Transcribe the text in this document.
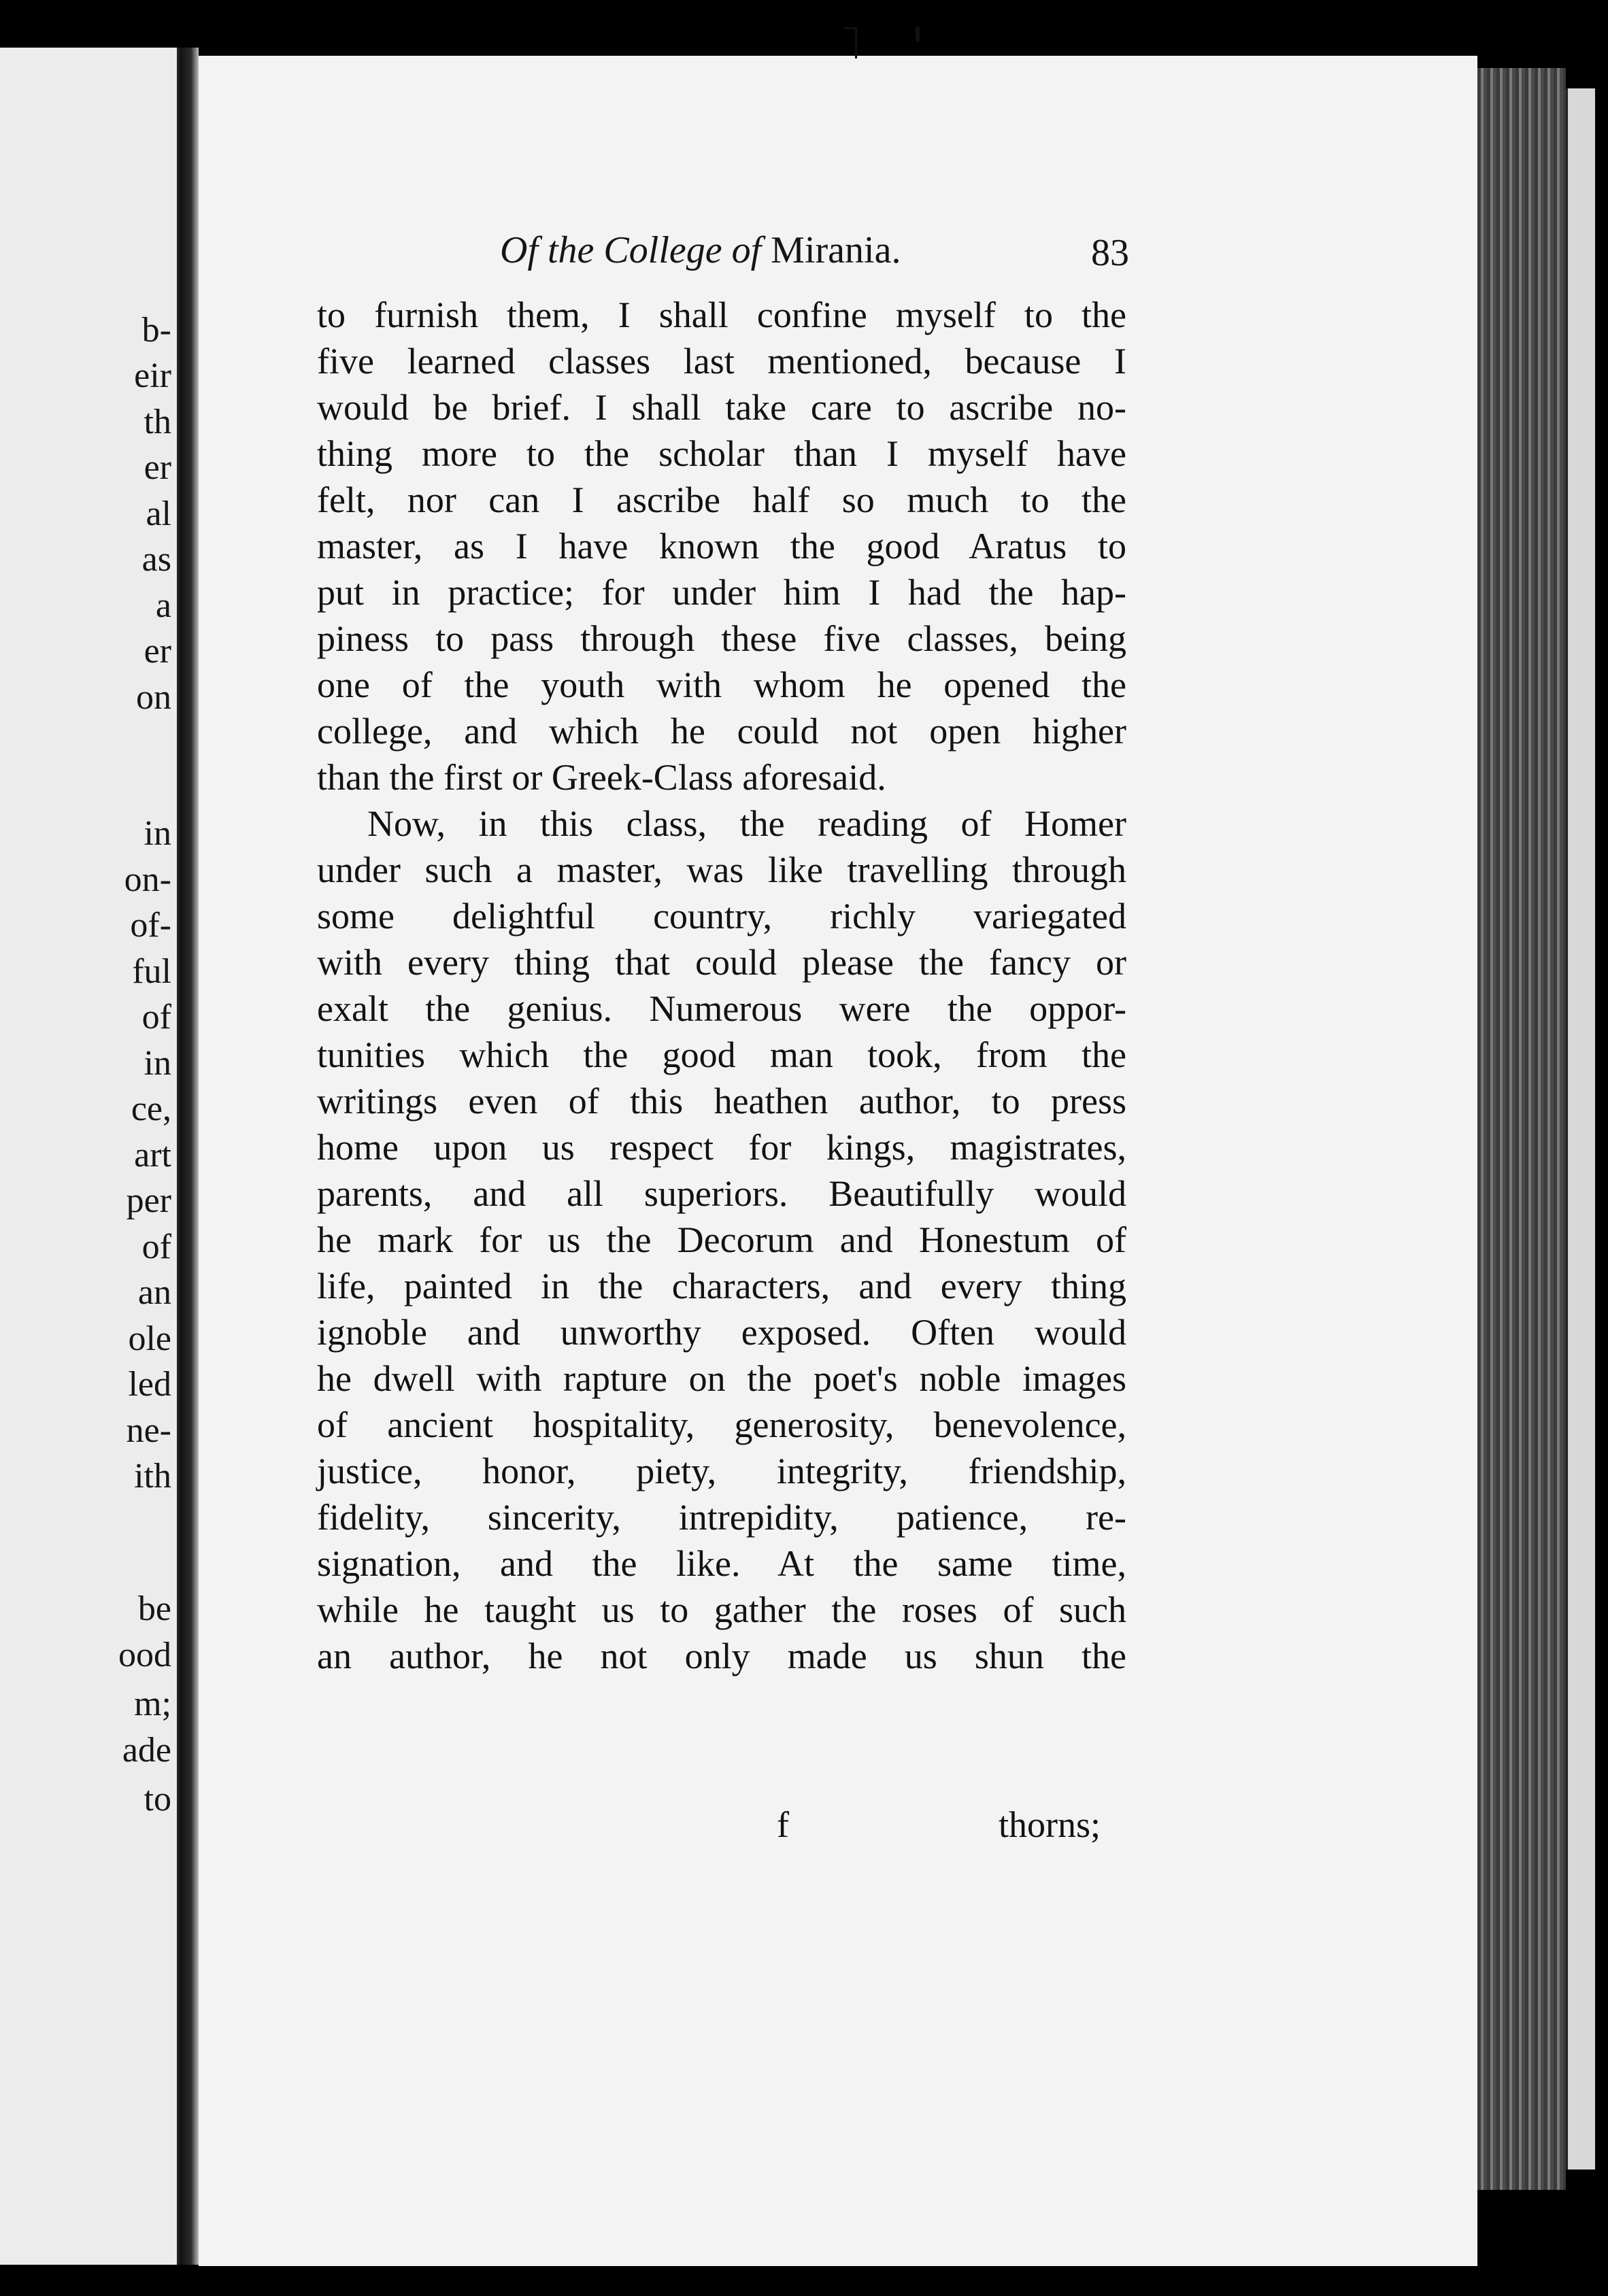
b-
eir
th
er
al
as
a
er
on
in
on-
of-
ful
of
in
ce,
art
per
of
an
ole
led
ne-
ith
be
ood
m;
ade
to
Of the College of Mirania.	83
to furnish them, I shall confine myself to the
five learned classes last mentioned, because I
would be brief. I shall take care to ascribe no-
thing more to the scholar than I myself have
felt, nor can I ascribe half so much to the
master, as I have known the good Aratus to
put in practice; for under him I had the hap-
piness to pass through these five classes, being
one of the youth with whom he opened the
college, and which he could not open higher
than the first or Greek-Class aforesaid.
Now, in this class, the reading of Homer
under such a master, was like travelling through
some delightful country, richly variegated
with every thing that could please the fancy or
exalt the genius. Numerous were the oppor-
tunities which the good man took, from the
writings even of this heathen author, to press
home upon us respect for kings, magistrates,
parents, and all superiors. Beautifully would
he mark for us the Decorum and Honestum of
life, painted in the characters, and every thing
ignoble and unworthy exposed. Often would
he dwell with rapture on the poet's noble images
of ancient hospitality, generosity, benevolence,
justice, honor, piety, integrity, friendship,
fidelity, sincerity, intrepidity, patience, re-
signation, and the like. At the same time,
while he taught us to gather the roses of such
an author, he not only made us shun the
f	thorns;
